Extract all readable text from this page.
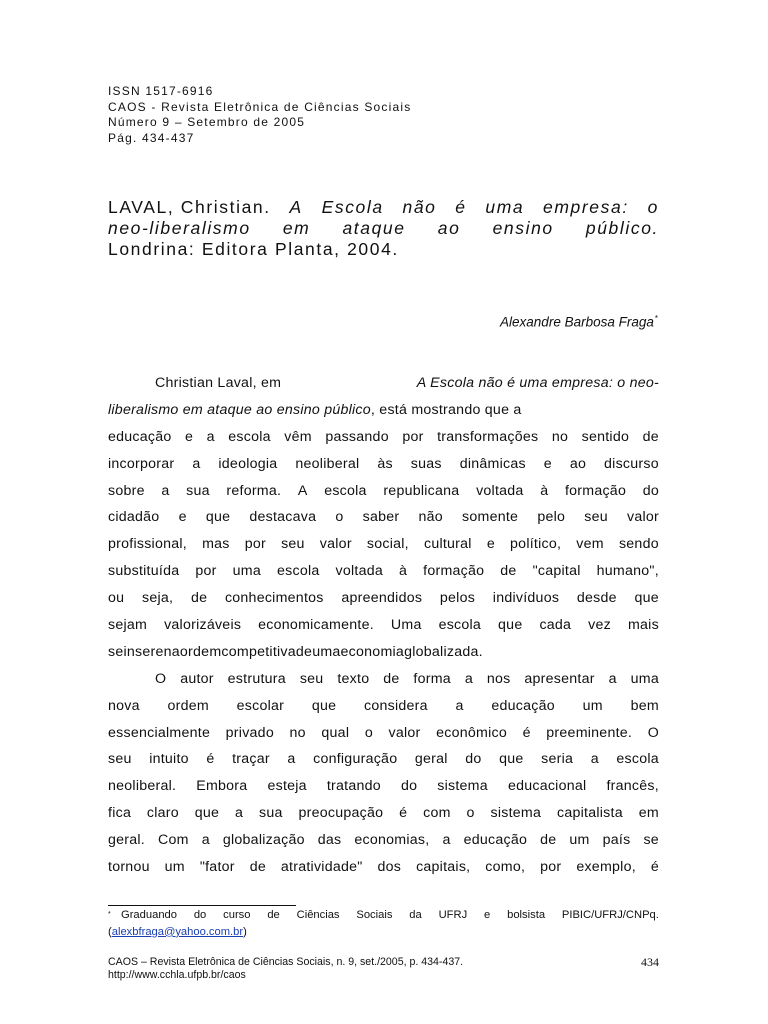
ISSN 1517-6916
CAOS - Revista Eletrônica de Ciências Sociais
Número 9 – Setembro de 2005
Pág. 434-437
LAVAL, Christian. A Escola não é uma empresa: o
neo-liberalismo em ataque ao ensino público.
Londrina: Editora Planta, 2004.
Alexandre Barbosa Fraga*
Christian Laval, em	A Escola não é uma empresa: o neo-
liberalismo em ataque ao ensino público, está mostrando que a
educação e a escola vêm passando por transformações no sentido de
incorporar a ideologia neoliberal às suas dinâmicas e ao discurso
sobre a sua reforma. A escola republicana voltada à formação do
cidadão e que destacava o saber não somente pelo seu valor
profissional, mas por seu valor social, cultural e político, vem sendo
substituída por uma escola voltada à formação de "capital humano",
ou seja, de conhecimentos apreendidos pelos indivíduos desde que
sejam valorizáveis economicamente. Uma escola que cada vez mais
se insere na ordem competitiva de uma economia globalizada.
O autor estrutura seu texto de forma a nos apresentar a uma
nova ordem escolar que considera a educação um bem
essencialmente privado no qual o valor econômico é preeminente. O
seu intuito é traçar a configuração geral do que seria a escola
neoliberal. Embora esteja tratando do sistema educacional francês,
fica claro que a sua preocupação é com o sistema capitalista em
geral. Com a globalização das economias, a educação de um país se
tornou um "fator de atratividade" dos capitais, como, por exemplo, é
* Graduando do curso de Ciências Sociais da UFRJ e bolsista PIBIC/UFRJ/CNPq.
( alexbfraga@yahoo.com.br )
CAOS – Revista Eletrônica de Ciências Sociais, n. 9, set./2005, p. 434-437.	434
http://www.cchla.ufpb.br/caos
